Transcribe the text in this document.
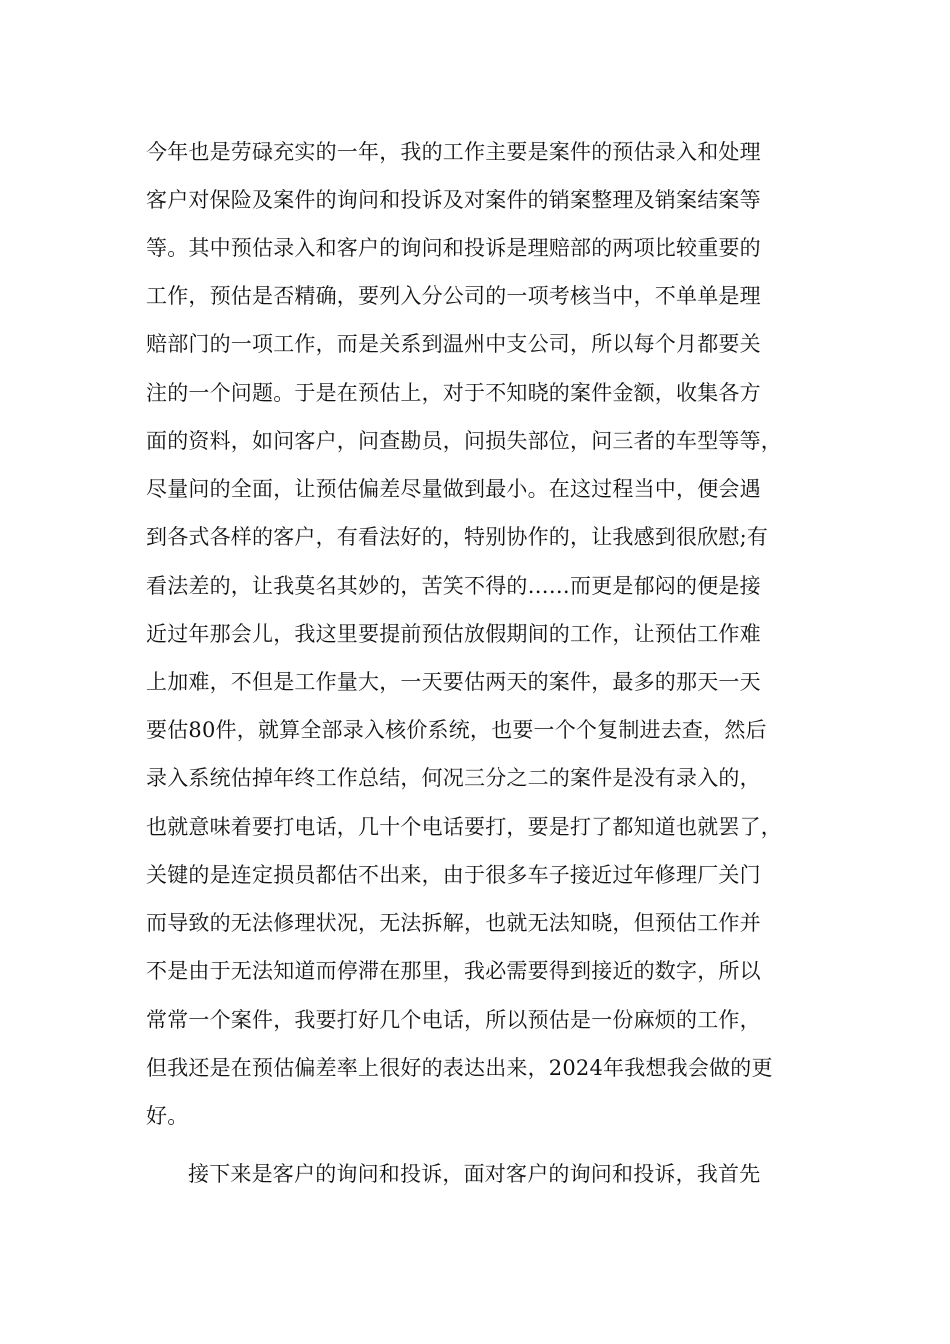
今年也是劳碌充实的一年，我的工作主要是案件的预估录入和处理
客户对保险及案件的询问和投诉及对案件的销案整理及销案结案等
等。其中预估录入和客户的询问和投诉是理赔部的两项比较重要的
工作，预估是否精确，要列入分公司的一项考核当中，不单单是理
赔部门的一项工作，而是关系到温州中支公司，所以每个月都要关
注的一个问题。于是在预估上，对于不知晓的案件金额，收集各方
面的资料，如问客户，问查勘员，问损失部位，问三者的车型等等，
尽量问的全面，让预估偏差尽量做到最小。在这过程当中，便会遇
到各式各样的客户，有看法好的，特别协作的，让我感到很欣慰;有
看法差的，让我莫名其妙的，苦笑不得的……而更是郁闷的便是接
近过年那会儿，我这里要提前预估放假期间的工作，让预估工作难
上加难，不但是工作量大，一天要估两天的案件，最多的那天一天
要估80件，就算全部录入核价系统，也要一个个复制进去查，然后
录入系统估掉年终工作总结，何况三分之二的案件是没有录入的，
也就意味着要打电话，几十个电话要打，要是打了都知道也就罢了，
关键的是连定损员都估不出来，由于很多车子接近过年修理厂关门
而导致的无法修理状况，无法拆解，也就无法知晓，但预估工作并
不是由于无法知道而停滞在那里，我必需要得到接近的数字，所以
常常一个案件，我要打好几个电话，所以预估是一份麻烦的工作，
但我还是在预估偏差率上很好的表达出来，2024年我想我会做的更
好。
接下来是客户的询问和投诉，面对客户的询问和投诉，我首先
